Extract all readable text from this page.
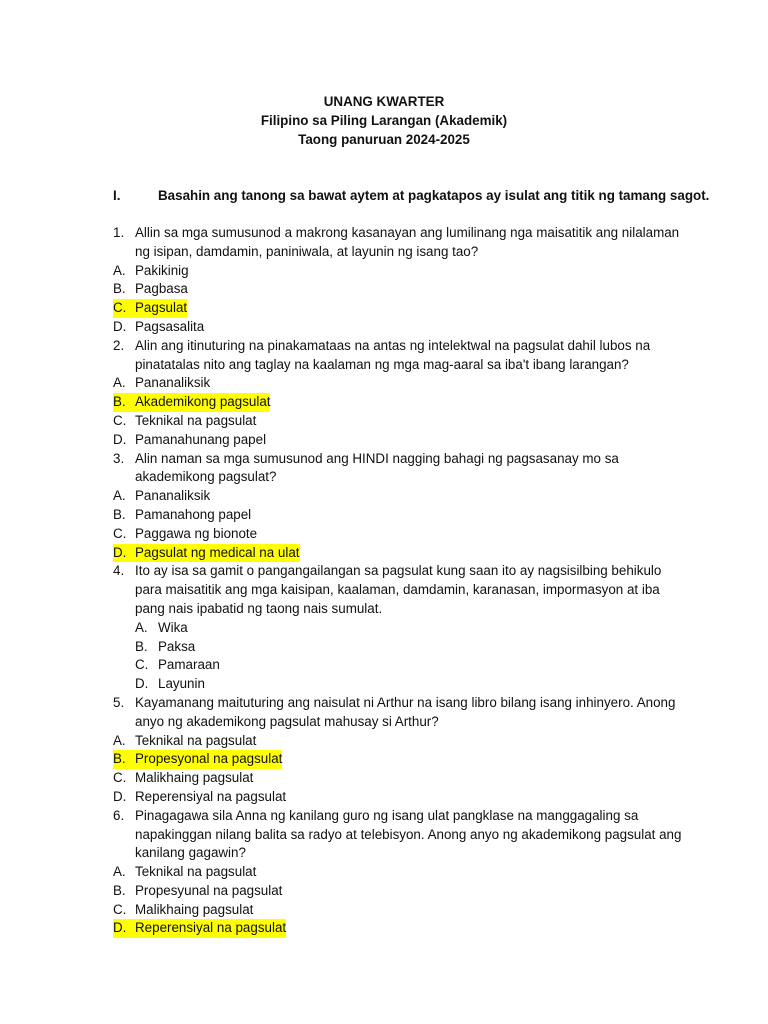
UNANG KWARTER
Filipino sa Piling Larangan (Akademik)
Taong panuruan 2024-2025
I.	Basahin ang tanong sa bawat aytem at pagkatapos ay isulat ang titik ng tamang sagot.
1. Allin sa mga sumusunod a makrong kasanayan ang lumilinang nga maisatitik ang nilalaman ng isipan, damdamin, paniniwala, at layunin ng isang tao?
A. Pakikinig
B. Pagbasa
C. Pagsulat
D. Pagsasalita
2. Alin ang itinuturing na pinakamataas na antas ng intelektwal na pagsulat dahil lubos na pinatatalas nito ang taglay na kaalaman ng mga mag-aaral sa iba't ibang larangan?
A. Pananaliksik
B. Akademikong pagsulat
C. Teknikal na pagsulat
D. Pamanahunang papel
3. Alin naman sa mga sumusunod ang HINDI nagging bahagi ng pagsasanay mo sa akademikong pagsulat?
A. Pananaliksik
B. Pamanahong papel
C. Paggawa ng bionote
D. Pagsulat ng medical na ulat
4. Ito ay isa sa gamit o pangangailangan sa pagsulat kung saan ito ay nagsisilbing behikulo para maisatitik ang mga kaisipan, kaalaman, damdamin, karanasan, impormasyon at iba pang nais ipabatid ng taong nais sumulat.
A. Wika
B. Paksa
C. Pamaraan
D. Layunin
5. Kayamanang maituturing ang naisulat ni Arthur na isang libro bilang isang inhinyero. Anong anyo ng akademikong pagsulat mahusay si Arthur?
A. Teknikal na pagsulat
B. Propesyonal na pagsulat
C. Malikhaing pagsulat
D. Reperensiyal na pagsulat
6. Pinagagawa sila Anna ng kanilang guro ng isang ulat pangklase na manggagaling sa napakinggan nilang balita sa radyo at telebisyon. Anong anyo ng akademikong pagsulat ang kanilang gagawin?
A. Teknikal na pagsulat
B. Propesyunal na pagsulat
C. Malikhaing pagsulat
D. Reperensiyal na pagsulat
